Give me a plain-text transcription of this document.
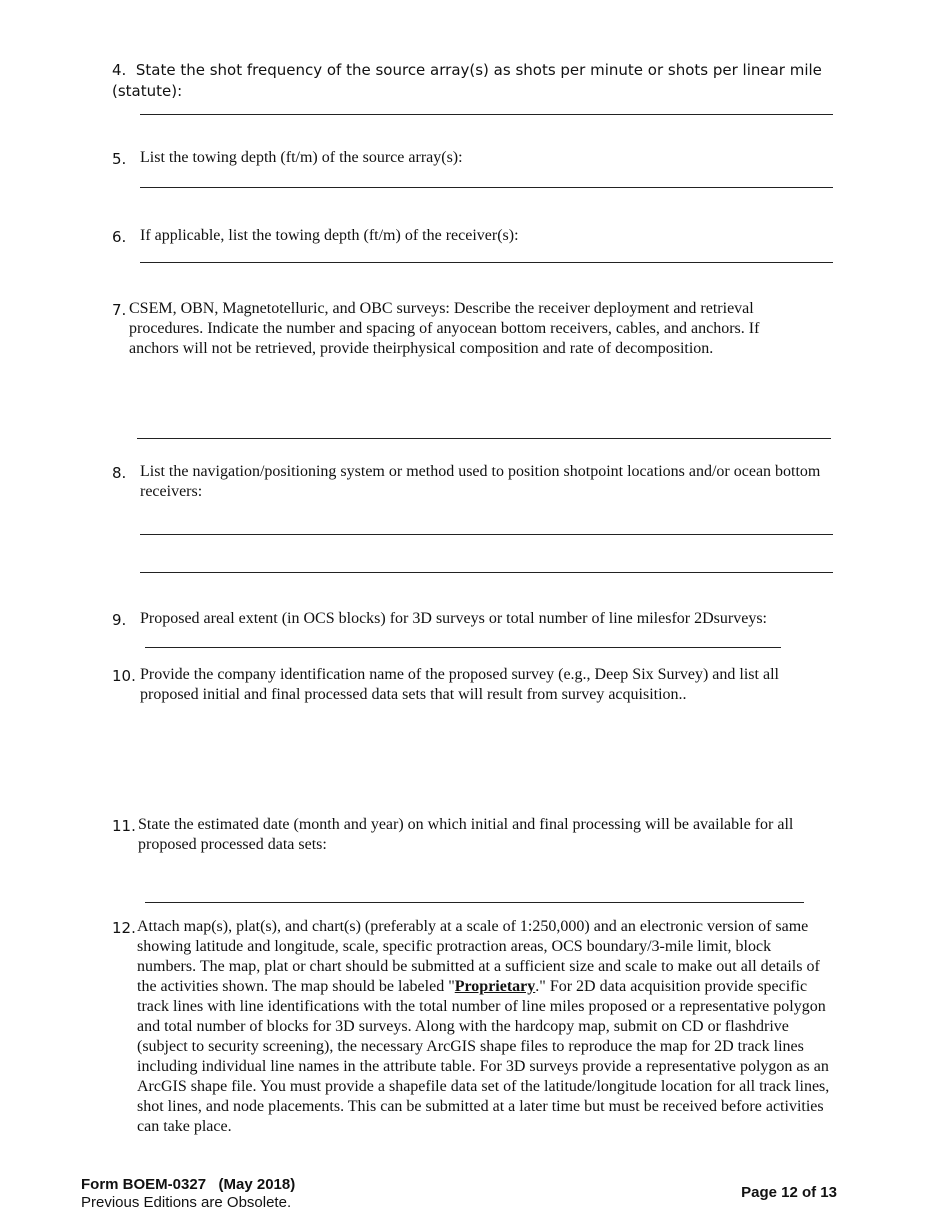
4. State the shot frequency of the source array(s) as shots per minute or shots per linear mile (statute):
5. List the towing depth (ft/m) of the source array(s):
6. If applicable, list the towing depth (ft/m) of the receiver(s):
7. CSEM, OBN, Magnetotelluric, and OBC surveys: Describe the receiver deployment and retrieval procedures. Indicate the number and spacing of anyocean bottom receivers, cables, and anchors. If anchors will not be retrieved, provide theirphysical composition and rate of decomposition.
8. List the navigation/positioning system or method used to position shotpoint locations and/or ocean bottom receivers:
9. Proposed areal extent (in OCS blocks) for 3D surveys or total number of line milesfor 2Dsurveys:
10. Provide the company identification name of the proposed survey (e.g., Deep Six Survey) and list all proposed initial and final processed data sets that will result from survey acquisition..
11. State the estimated date (month and year) on which initial and final processing will be available for all proposed processed data sets:
12. Attach map(s), plat(s), and chart(s) (preferably at a scale of 1:250,000) and an electronic version of same showing latitude and longitude, scale, specific protraction areas, OCS boundary/3-mile limit, block numbers. The map, plat or chart should be submitted at a sufficient size and scale to make out all details of the activities shown. The map should be labeled "Proprietary." For 2D data acquisition provide specific track lines with line identifications with the total number of line miles proposed or a representative polygon and total number of blocks for 3D surveys. Along with the hardcopy map, submit on CD or flashdrive (subject to security screening), the necessary ArcGIS shape files to reproduce the map for 2D track lines including individual line names in the attribute table. For 3D surveys provide a representative polygon as an ArcGIS shape file. You must provide a shapefile data set of the latitude/longitude location for all track lines, shot lines, and node placements. This can be submitted at a later time but must be received before activities can take place.
Form BOEM-0327   (May 2018)
Previous Editions are Obsolete.
Page 12 of 13
